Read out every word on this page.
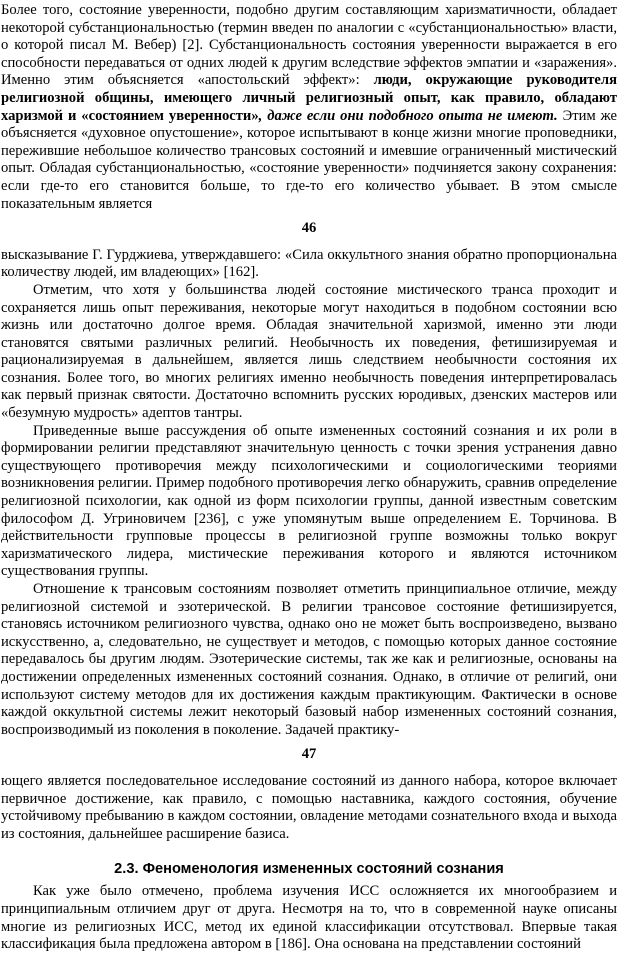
Более того, состояние уверенности, подобно другим составляющим харизматичности, обладает некоторой субстанциональностью (термин введен по аналогии с «субстанциональностью» власти, о которой писал М. Вебер) [2]. Субстанциональность состояния уверенности выражается в его способности передаваться от одних людей к другим вследствие эффектов эмпатии и «заражения». Именно этим объясняется «апостольский эффект»: люди, окружающие руководителя религиозной общины, имеющего личный религиозный опыт, как правило, обладают харизмой и «состоянием уверенности», даже если они подобного опыта не имеют. Этим же объясняется «духовное опустошение», которое испытывают в конце жизни многие проповедники, пережившие небольшое количество трансовых состояний и имевшие ограниченный мистический опыт. Обладая субстанциональностью, «состояние уверенности» подчиняется закону сохранения: если где-то его становится больше, то где-то его количество убывает. В этом смысле показательным является

46

высказывание Г. Гурджиева, утверждавшего: «Сила оккультного знания обратно пропорциональна количеству людей, им владеющих» [162].

Отметим, что хотя у большинства людей состояние мистического транса проходит и сохраняется лишь опыт переживания, некоторые могут находиться в подобном состоянии всю жизнь или достаточно долгое время. Обладая значительной харизмой, именно эти люди становятся святыми различных религий. Необычность их поведения, фетишизируемая и рационализируемая в дальнейшем, является лишь следствием необычности состояния их сознания. Более того, во многих религиях именно необычность поведения интерпретировалась как первый признак святости. Достаточно вспомнить русских юродивых, дзенских мастеров или «безумную мудрость» адептов тантры.

Приведенные выше рассуждения об опыте измененных состояний сознания и их роли в формировании религии представляют значительную ценность с точки зрения устранения давно существующего противоречия между психологическими и социологическими теориями возникновения религии. Пример подобного противоречия легко обнаружить, сравнив определение религиозной психологии, как одной из форм психологии группы, данной известным советским философом Д. Угриновичем [236], с уже упомянутым выше определением Е. Торчинова. В действительности групповые процессы в религиозной группе возможны только вокруг харизматического лидера, мистические переживания которого и являются источником существования группы.

Отношение к трансовым состояниям позволяет отметить принципиальное отличие, между религиозной системой и эзотерической. В религии трансовое состояние фетишизируется, становясь источником религиозного чувства, однако оно не может быть воспроизведено, вызвано искусственно, а, следовательно, не существует и методов, с помощью которых данное состояние передавалось бы другим людям. Эзотерические системы, так же как и религиозные, основаны на достижении определенных измененных состояний сознания. Однако, в отличие от религий, они используют систему методов для их достижения каждым практикующим. Фактически в основе каждой оккультной системы лежит некоторый базовый набор измененных состояний сознания, воспроизводимый из поколения в поколение. Задачей практику-

47

ющего является последовательное исследование состояний из данного набора, которое включает первичное достижение, как правило, с помощью наставника, каждого состояния, обучение устойчивому пребыванию в каждом состоянии, овладение методами сознательного входа и выхода из состояния, дальнейшее расширение базиса.

2.3. Феноменология измененных состояний сознания

Как уже было отмечено, проблема изучения ИСС осложняется их многообразием и принципиальным отличием друг от друга. Несмотря на то, что в современной науке описаны многие из религиозных ИСС, метод их единой классификации отсутствовал. Впервые такая классификация была предложена автором в [186]. Она основана на представлении состояний
